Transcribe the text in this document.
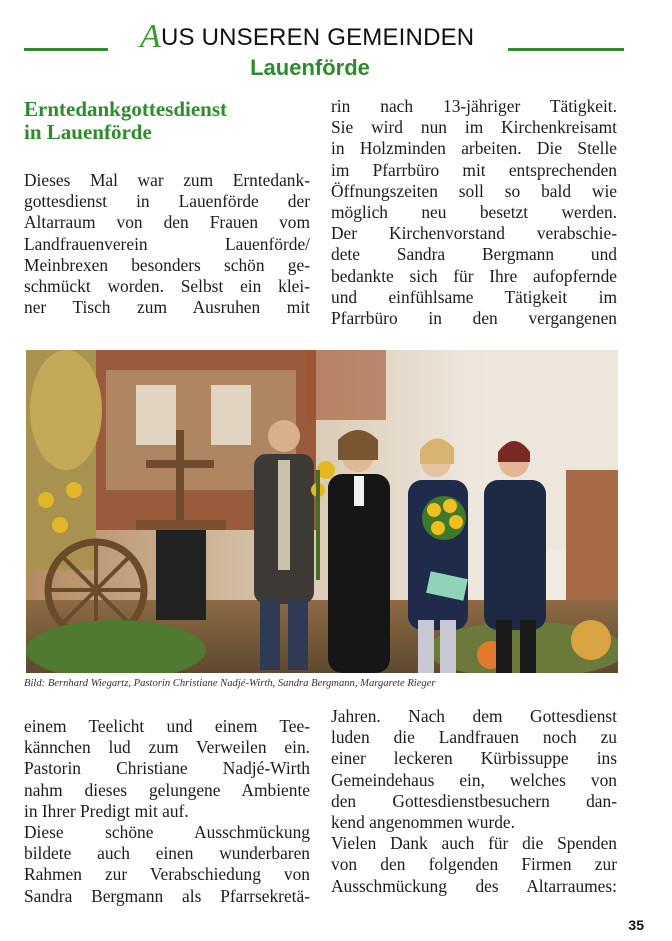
AUS UNSEREN GEMEINDEN
Lauenförde
Erntedankgottesdienst
in Lauenförde
Dieses Mal war zum Erntedank-
gottesdienst in Lauenförde der
Altarraum von den Frauen vom
Landfrauenverein Lauenförde/
Meinbrexen besonders schön ge-
schmückt worden. Selbst ein klei-
ner Tisch zum Ausruhen mit
rin nach 13-jähriger Tätigkeit.
Sie wird nun im Kirchenkreisamt
in Holzminden arbeiten. Die Stelle
im Pfarrbüro mit entsprechenden
Öffnungszeiten soll so bald wie
möglich neu besetzt werden.
Der Kirchenvorstand verabschie-
dete Sandra Bergmann und
bedankte sich für Ihre aufopfernde
und einfühlsame Tätigkeit im
Pfarrbüro in den vergangenen
Bild: Bernhard Wiegartz, Pastorin Christiane Nadjé-Wirth, Sandra Bergmann, Margarete Rieger
einem Teelicht und einem Tee-
kännchen lud zum Verweilen ein.
Pastorin Christiane Nadjé-Wirth
nahm dieses gelungene Ambiente
in Ihrer Predigt mit auf.
Diese schöne Ausschmückung
bildete auch einen wunderbaren
Rahmen zur Verabschiedung von
Sandra Bergmann als Pfarrsekretä-
Jahren. Nach dem Gottesdienst
luden die Landfrauen noch zu
einer leckeren Kürbissuppe ins
Gemeindehaus ein, welches von
den Gottesdienstbesuchern dan-
kend angenommen wurde.
Vielen Dank auch für die Spenden
von den folgenden Firmen zur
Ausschmückung des Altarraumes:
35
